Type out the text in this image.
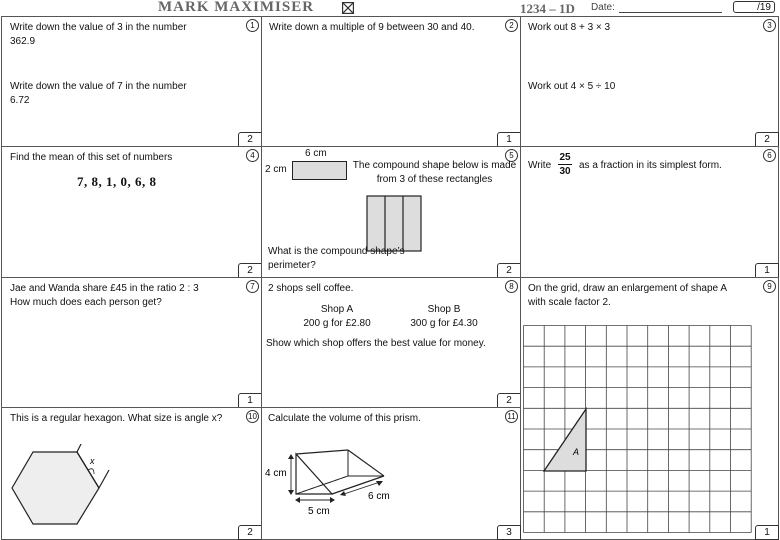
MARK MAXIMISER	1234 – 1D Date:	/19
1
Write down the value of 3 in the number 362.9
Write down the value of 7 in the number 6.72
2
2
Write down a multiple of 9 between 30 and 40.
1
3
Work out 8 + 3 × 3
Work out 4 × 5 ÷ 10
2
4
Find the mean of this set of numbers
7, 8, 1, 0, 6, 8
2
5
6 cm
2 cm	The compound shape below is made from 3 of these rectangles
What is the compound shape’s perimeter?	2
6
Write $\frac{25}{30}$ as a fraction in its simplest form.
1
7
Jae and Wanda share £45 in the ratio 2 : 3 How much does each person get?
1
8
2 shops sell coffee.
Shop A
200 g for £2.80
Shop B
300 g for £4.30
Show which shop offers the best value for money.
2
9
On the grid, draw an enlargement of shape A with scale factor 2.
A
1
10
This is a regular hexagon. What size is angle x?
x
2
11
Calculate the volume of this prism.
4 cm
5 cm
6 cm
3
